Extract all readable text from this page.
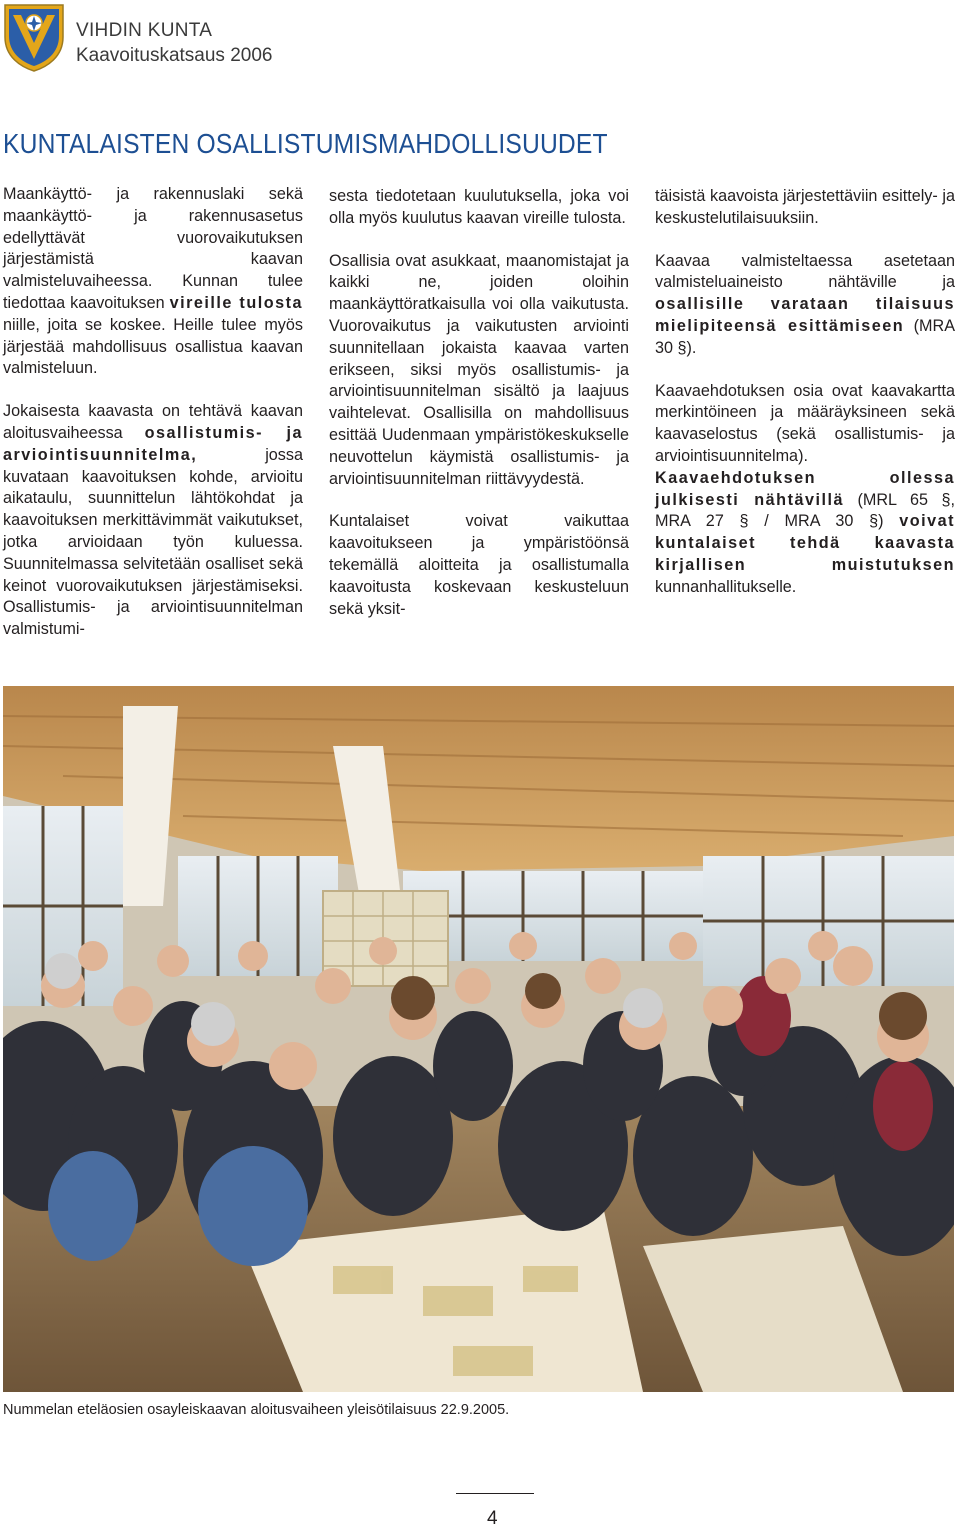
VIHDIN KUNTA
Kaavoituskatsaus 2006
KUNTALAISTEN OSALLISTUMISMAHDOLLISUUDET

Maankäyttö- ja rakennuslaki sekä maankäyttö- ja rakennusasetus edellyttävät vuorovaikutuksen järjestämistä kaavan valmisteluvaiheessa. Kunnan tulee tiedottaa kaavoituksen vireille tulosta niille, joita se koskee. Heille tulee myös järjestää mahdollisuus osallistua kaavan valmisteluun.

Jokaisesta kaavasta on tehtävä kaavan aloitusvaiheessa osallistumis- ja arviointisuunnitelma, jossa kuvataan kaavoituksen kohde, arvioitu aikataulu, suunnittelun lähtökohdat ja kaavoituksen merkittävimmät vaikutukset, jotka arvioidaan työn kuluessa. Suunnitelmassa selvitetään osalliset sekä keinot vuorovaikutuksen järjestämiseksi. Osallistumis- ja arviointisuunnitelman valmistumi-

sesta tiedotetaan kuulutuksella, joka voi olla myös kuulutus kaavan vireille tulosta.

Osallisia ovat asukkaat, maanomistajat ja kaikki ne, joiden oloihin maankäyttöratkaisulla voi olla vaikutusta. Vuorovaikutus ja vaikutusten arviointi suunnitellaan jokaista kaavaa varten erikseen, siksi myös osallistumis- ja arviointisuunnitelman sisältö ja laajuus vaihtelevat. Osallisilla on mahdollisuus esittää Uudenmaan ympäristökeskukselle neuvottelun käymistä osallistumis- ja arviointisuunnitelman riittävyydestä.

Kuntalaiset voivat vaikuttaa kaavoitukseen ja ympäristöönsä tekemällä aloitteita ja osallistumalla kaavoitusta koskevaan keskusteluun sekä yksit-

täisistä kaavoista järjestettäviin esittely- ja keskustelutilaisuuksiin.

Kaavaa valmisteltaessa asetetaan valmisteluaineisto nähtäville ja osallisille varataan tilaisuus mielipiteensä esittämiseen (MRA 30 §).

Kaavaehdotuksen osia ovat kaavakartta merkintöineen ja määräyksineen sekä kaavaselostus (sekä osallistumis- ja arviointisuunnitelma). Kaavaehdotuksen ollessa julkisesti nähtävillä (MRL 65 §, MRA 27 § / MRA 30 §) voivat kuntalaiset tehdä kaavasta kirjallisen muistutuksen kunnanhallitukselle.

Nummelan eteläosien osayleiskaavan aloitusvaiheen yleisötilaisuus 22.9.2005.
4
